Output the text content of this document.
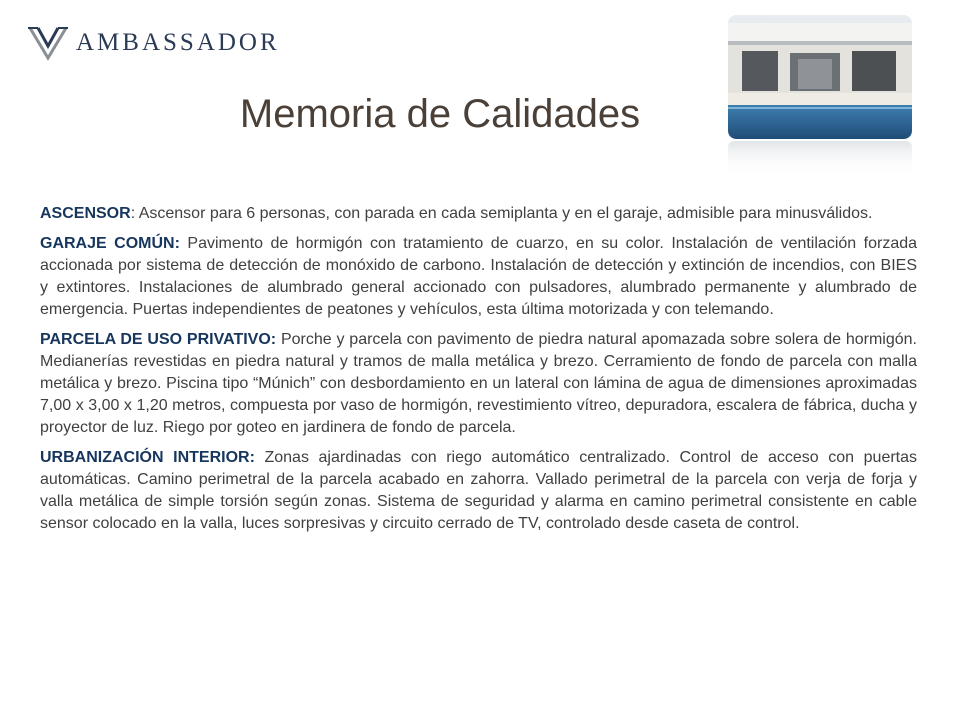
AMBASSADOR
Memoria de Calidades

ASCENSOR: Ascensor para 6 personas, con parada en cada semiplanta y en el garaje, admisible para minusválidos.

GARAJE COMÚN: Pavimento de hormigón con tratamiento de cuarzo, en su color. Instalación de ventilación forzada accionada por sistema de detección de monóxido de carbono. Instalación de detección y extinción de incendios, con BIES y extintores. Instalaciones de alumbrado general accionado con pulsadores, alumbrado permanente y alumbrado de emergencia. Puertas independientes de peatones y vehículos, esta última motorizada y con telemando.

PARCELA DE USO PRIVATIVO: Porche y parcela con pavimento de piedra natural apomazada sobre solera de hormigón. Medianerías revestidas en piedra natural y tramos de malla metálica y brezo. Cerramiento de fondo de parcela con malla metálica y brezo. Piscina tipo “Múnich” con desbordamiento en un lateral con lámina de agua de dimensiones aproximadas 7,00 x 3,00 x 1,20 metros, compuesta por vaso de hormigón, revestimiento vítreo, depuradora, escalera de fábrica, ducha y proyector de luz. Riego por goteo en jardinera de fondo de parcela.

URBANIZACIÓN INTERIOR: Zonas ajardinadas con riego automático centralizado. Control de acceso con puertas automáticas. Camino perimetral de la parcela acabado en zahorra. Vallado perimetral de la parcela con verja de forja y valla metálica de simple torsión según zonas. Sistema de seguridad y alarma en camino perimetral consistente en cable sensor colocado en la valla, luces sorpresivas y circuito cerrado de TV, controlado desde caseta de control.
